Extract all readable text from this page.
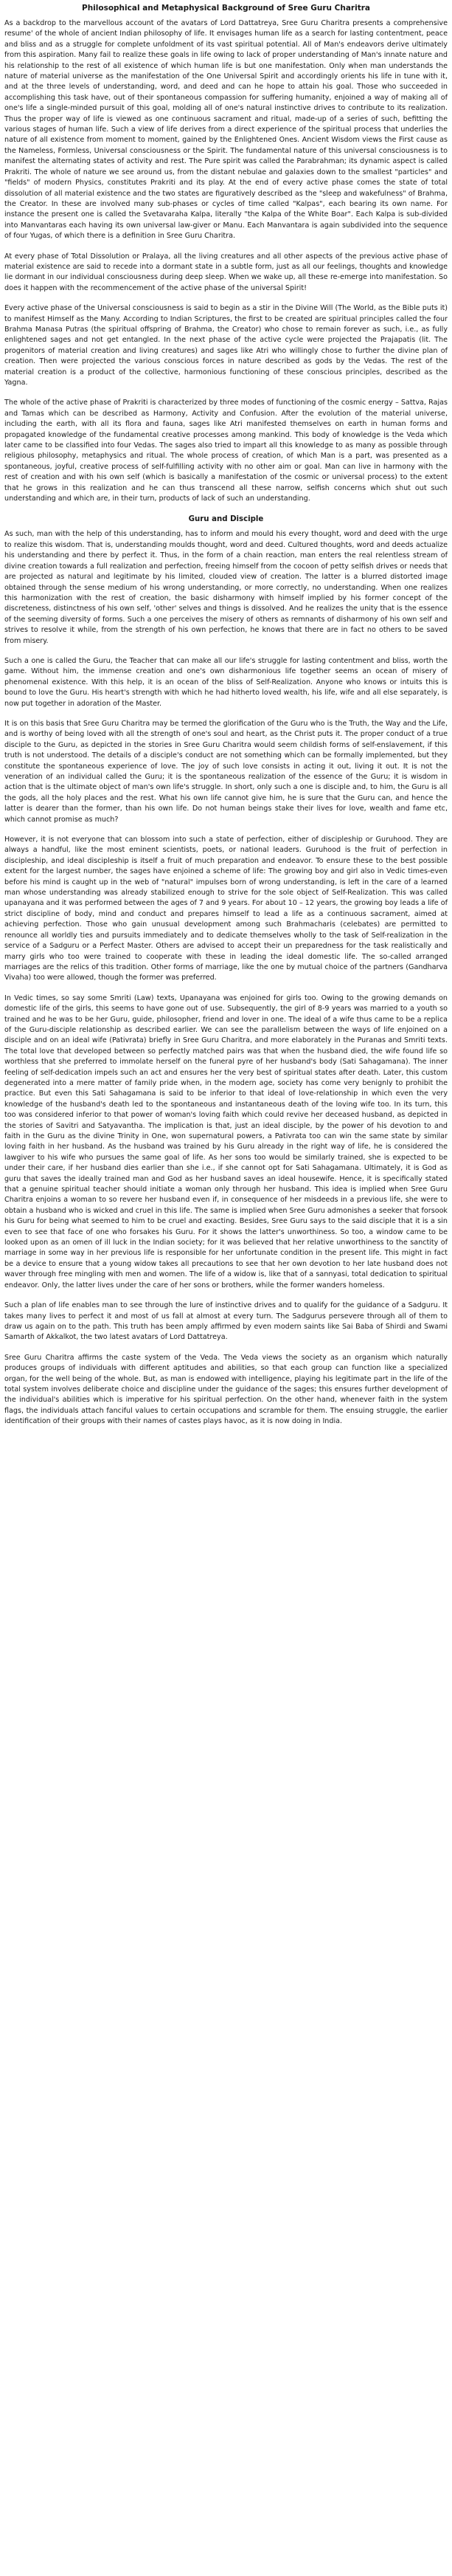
Philosophical and Metaphysical Background of Sree Guru Charitra

As a backdrop to the marvellous account of the avatars of Lord Dattatreya, Sree Guru Charitra presents a comprehensive resume' of the whole of ancient Indian philosophy of life. It envisages human life as a search for lasting contentment, peace and bliss and as a struggle for complete unfoldment of its vast spiritual potential. All of Man's endeavors derive ultimately from this aspiration. Many fail to realize these goals in life owing to lack of proper understanding of Man's innate nature and his relationship to the rest of all existence of which human life is but one manifestation. Only when man understands the nature of material universe as the manifestation of the One Universal Spirit and accordingly orients his life in tune with it, and at the three levels of understanding, word, and deed and can he hope to attain his goal. Those who succeeded in accomplishing this task have, out of their spontaneous compassion for suffering humanity, enjoined a way of making all of one's life a single-minded pursuit of this goal, molding all of one's natural instinctive drives to contribute to its realization. Thus the proper way of life is viewed as one continuous sacrament and ritual, made-up of a series of such, befitting the various stages of human life. Such a view of life derives from a direct experience of the spiritual process that underlies the nature of all existence from moment to moment, gained by the Enlightened Ones. Ancient Wisdom views the First cause as the Nameless, Formless, Universal consciousness or the Spirit. The fundamental nature of this universal consciousness is to manifest the alternating states of activity and rest. The Pure spirit was called the Parabrahman; its dynamic aspect is called Prakriti. The whole of nature we see around us, from the distant nebulae and galaxies down to the smallest "particles" and "fields" of modern Physics, constitutes Prakriti and its play. At the end of every active phase comes the state of total dissolution of all material existence and the two states are figuratively described as the "sleep and wakefulness" of Brahma, the Creator. In these are involved many sub-phases or cycles of time called "Kalpas", each bearing its own name. For instance the present one is called the Svetavaraha Kalpa, literally "the Kalpa of the White Boar". Each Kalpa is sub-divided into Manvantaras each having its own universal law-giver or Manu. Each Manvantara is again subdivided into the sequence of four Yugas, of which there is a definition in Sree Guru Charitra.

At every phase of Total Dissolution or Pralaya, all the living creatures and all other aspects of the previous active phase of material existence are said to recede into a dormant state in a subtle form, just as all our feelings, thoughts and knowledge lie dormant in our individual consciousness during deep sleep. When we wake up, all these re-emerge into manifestation. So does it happen with the recommencement of the active phase of the universal Spirit!

Every active phase of the Universal consciousness is said to begin as a stir in the Divine Will (The World, as the Bible puts it) to manifest Himself as the Many. According to Indian Scriptures, the first to be created are spiritual principles called the four Brahma Manasa Putras (the spiritual offspring of Brahma, the Creator) who chose to remain forever as such, i.e., as fully enlightened sages and not get entangled. In the next phase of the active cycle were projected the Prajapatis (lit. The progenitors of material creation and living creatures) and sages like Atri who willingly chose to further the divine plan of creation. Then were projected the various conscious forces in nature described as gods by the Vedas. The rest of the material creation is a product of the collective, harmonious functioning of these conscious principles, described as the Yagna.

The whole of the active phase of Prakriti is characterized by three modes of functioning of the cosmic energy – Sattva, Rajas and Tamas which can be described as Harmony, Activity and Confusion. After the evolution of the material universe, including the earth, with all its flora and fauna, sages like Atri manifested themselves on earth in human forms and propagated knowledge of the fundamental creative processes among mankind. This body of knowledge is the Veda which later came to be classified into four Vedas. The sages also tried to impart all this knowledge to as many as possible through religious philosophy, metaphysics and ritual. The whole process of creation, of which Man is a part, was presented as a spontaneous, joyful, creative process of self-fulfilling activity with no other aim or goal. Man can live in harmony with the rest of creation and with his own self (which is basically a manifestation of the cosmic or universal process) to the extent that he grows in this realization and he can thus transcend all these narrow, selfish concerns which shut out such understanding and which are, in their turn, products of lack of such an understanding.

Guru and Disciple

As such, man with the help of this understanding, has to inform and mould his every thought, word and deed with the urge to realize this wisdom. That is, understanding moulds thought, word and deed. Cultured thoughts, word and deeds actualize his understanding and there by perfect it. Thus, in the form of a chain reaction, man enters the real relentless stream of divine creation towards a full realization and perfection, freeing himself from the cocoon of petty selfish drives or needs that are projected as natural and legitimate by his limited, clouded view of creation. The latter is a blurred distorted image obtained through the sense medium of his wrong understanding, or more correctly, no understanding. When one realizes this harmonization with the rest of creation, the basic disharmony with himself implied by his former concept of the discreteness, distinctness of his own self, 'other' selves and things is dissolved. And he realizes the unity that is the essence of the seeming diversity of forms. Such a one perceives the misery of others as remnants of disharmony of his own self and strives to resolve it while, from the strength of his own perfection, he knows that there are in fact no others to be saved from misery.

Such a one is called the Guru, the Teacher that can make all our life's struggle for lasting contentment and bliss, worth the game. Without him, the immense creation and one's own disharmonious life together seems an ocean of misery of phenomenal existence. With this help, it is an ocean of the bliss of Self-Realization. Anyone who knows or intuits this is bound to love the Guru. His heart's strength with which he had hitherto loved wealth, his life, wife and all else separately, is now put together in adoration of the Master.

It is on this basis that Sree Guru Charitra may be termed the glorification of the Guru who is the Truth, the Way and the Life, and is worthy of being loved with all the strength of one's soul and heart, as the Christ puts it. The proper conduct of a true disciple to the Guru, as depicted in the stories in Sree Guru Charitra would seem childish forms of self-enslavement, if this truth is not understood. The details of a disciple's conduct are not something which can be formally implemented, but they constitute the spontaneous experience of love. The joy of such love consists in acting it out, living it out. It is not the veneration of an individual called the Guru; it is the spontaneous realization of the essence of the Guru; it is wisdom in action that is the ultimate object of man's own life's struggle. In short, only such a one is disciple and, to him, the Guru is all the gods, all the holy places and the rest. What his own life cannot give him, he is sure that the Guru can, and hence the latter is dearer than the former, than his own life. Do not human beings stake their lives for love, wealth and fame etc, which cannot promise as much?

However, it is not everyone that can blossom into such a state of perfection, either of discipleship or Guruhood. They are always a handful, like the most eminent scientists, poets, or national leaders. Guruhood is the fruit of perfection in discipleship, and ideal discipleship is itself a fruit of much preparation and endeavor. To ensure these to the best possible extent for the largest number, the sages have enjoined a scheme of life: The growing boy and girl also in Vedic times-even before his mind is caught up in the web of "natural" impulses born of wrong understanding, is left in the care of a learned man whose understanding was already stabilized enough to strive for the sole object of Self-Realization. This was called upanayana and it was performed between the ages of 7 and 9 years. For about 10 – 12 years, the growing boy leads a life of strict discipline of body, mind and conduct and prepares himself to lead a life as a continuous sacrament, aimed at achieving perfection. Those who gain unusual development among such Brahmacharis (celebates) are permitted to renounce all worldly ties and pursuits immediately and to dedicate themselves wholly to the task of Self-realization in the service of a Sadguru or a Perfect Master. Others are advised to accept their un preparedness for the task realistically and marry girls who too were trained to cooperate with these in leading the ideal domestic life. The so-called arranged marriages are the relics of this tradition. Other forms of marriage, like the one by mutual choice of the partners (Gandharva Vivaha) too were allowed, though the former was preferred.

In Vedic times, so say some Smriti (Law) texts, Upanayana was enjoined for girls too. Owing to the growing demands on domestic life of the girls, this seems to have gone out of use. Subsequently, the girl of 8-9 years was married to a youth so trained and he was to be her Guru, guide, philosopher, friend and lover in one. The ideal of a wife thus came to be a replica of the Guru-disciple relationship as described earlier. We can see the parallelism between the ways of life enjoined on a disciple and on an ideal wife (Pativrata) briefly in Sree Guru Charitra, and more elaborately in the Puranas and Smriti texts. The total love that developed between so perfectly matched pairs was that when the husband died, the wife found life so worthless that she preferred to immolate herself on the funeral pyre of her husband's body (Sati Sahagamana). The inner feeling of self-dedication impels such an act and ensures her the very best of spiritual states after death. Later, this custom degenerated into a mere matter of family pride when, in the modern age, society has come very benignly to prohibit the practice. But even this Sati Sahagamana is said to be inferior to that ideal of love-relationship in which even the very knowledge of the husband's death led to the spontaneous and instantaneous death of the loving wife too. In its turn, this too was considered inferior to that power of woman's loving faith which could revive her deceased husband, as depicted in the stories of Savitri and Satyavantha. The implication is that, just an ideal disciple, by the power of his devotion to and faith in the Guru as the divine Trinity in One, won supernatural powers, a Pativrata too can win the same state by similar loving faith in her husband. As the husband was trained by his Guru already in the right way of life, he is considered the lawgiver to his wife who pursues the same goal of life. As her sons too would be similarly trained, she is expected to be under their care, if her husband dies earlier than she i.e., if she cannot opt for Sati Sahagamana. Ultimately, it is God as guru that saves the ideally trained man and God as her husband saves an ideal housewife. Hence, it is specifically stated that a genuine spiritual teacher should initiate a woman only through her husband. This idea is implied when Sree Guru Charitra enjoins a woman to so revere her husband even if, in consequence of her misdeeds in a previous life, she were to obtain a husband who is wicked and cruel in this life. The same is implied when Sree Guru admonishes a seeker that forsook his Guru for being what seemed to him to be cruel and exacting. Besides, Sree Guru says to the said disciple that it is a sin even to see that face of one who forsakes his Guru. For it shows the latter's unworthiness. So too, a window came to be looked upon as an omen of ill luck in the Indian society; for it was believed that her relative unworthiness to the sanctity of marriage in some way in her previous life is responsible for her unfortunate condition in the present life. This might in fact be a device to ensure that a young widow takes all precautions to see that her own devotion to her late husband does not waver through free mingling with men and women. The life of a widow is, like that of a sannyasi, total dedication to spiritual endeavor. Only, the latter lives under the care of her sons or brothers, while the former wanders homeless.

Such a plan of life enables man to see through the lure of instinctive drives and to qualify for the guidance of a Sadguru. It takes many lives to perfect it and most of us fall at almost at every turn. The Sadgurus persevere through all of them to draw us again on to the path. This truth has been amply affirmed by even modern saints like Sai Baba of Shirdi and Swami Samarth of Akkalkot, the two latest avatars of Lord Dattatreya.

Sree Guru Charitra affirms the caste system of the Veda. The Veda views the society as an organism which naturally produces groups of individuals with different aptitudes and abilities, so that each group can function like a specialized organ, for the well being of the whole. But, as man is endowed with intelligence, playing his legitimate part in the life of the total system involves deliberate choice and discipline under the guidance of the sages; this ensures further development of the individual's abilities which is imperative for his spiritual perfection. On the other hand, whenever faith in the system flags, the individuals attach fanciful values to certain occupations and scramble for them. The ensuing struggle, the earlier identification of their groups with their names of castes plays havoc, as it is now doing in India.
